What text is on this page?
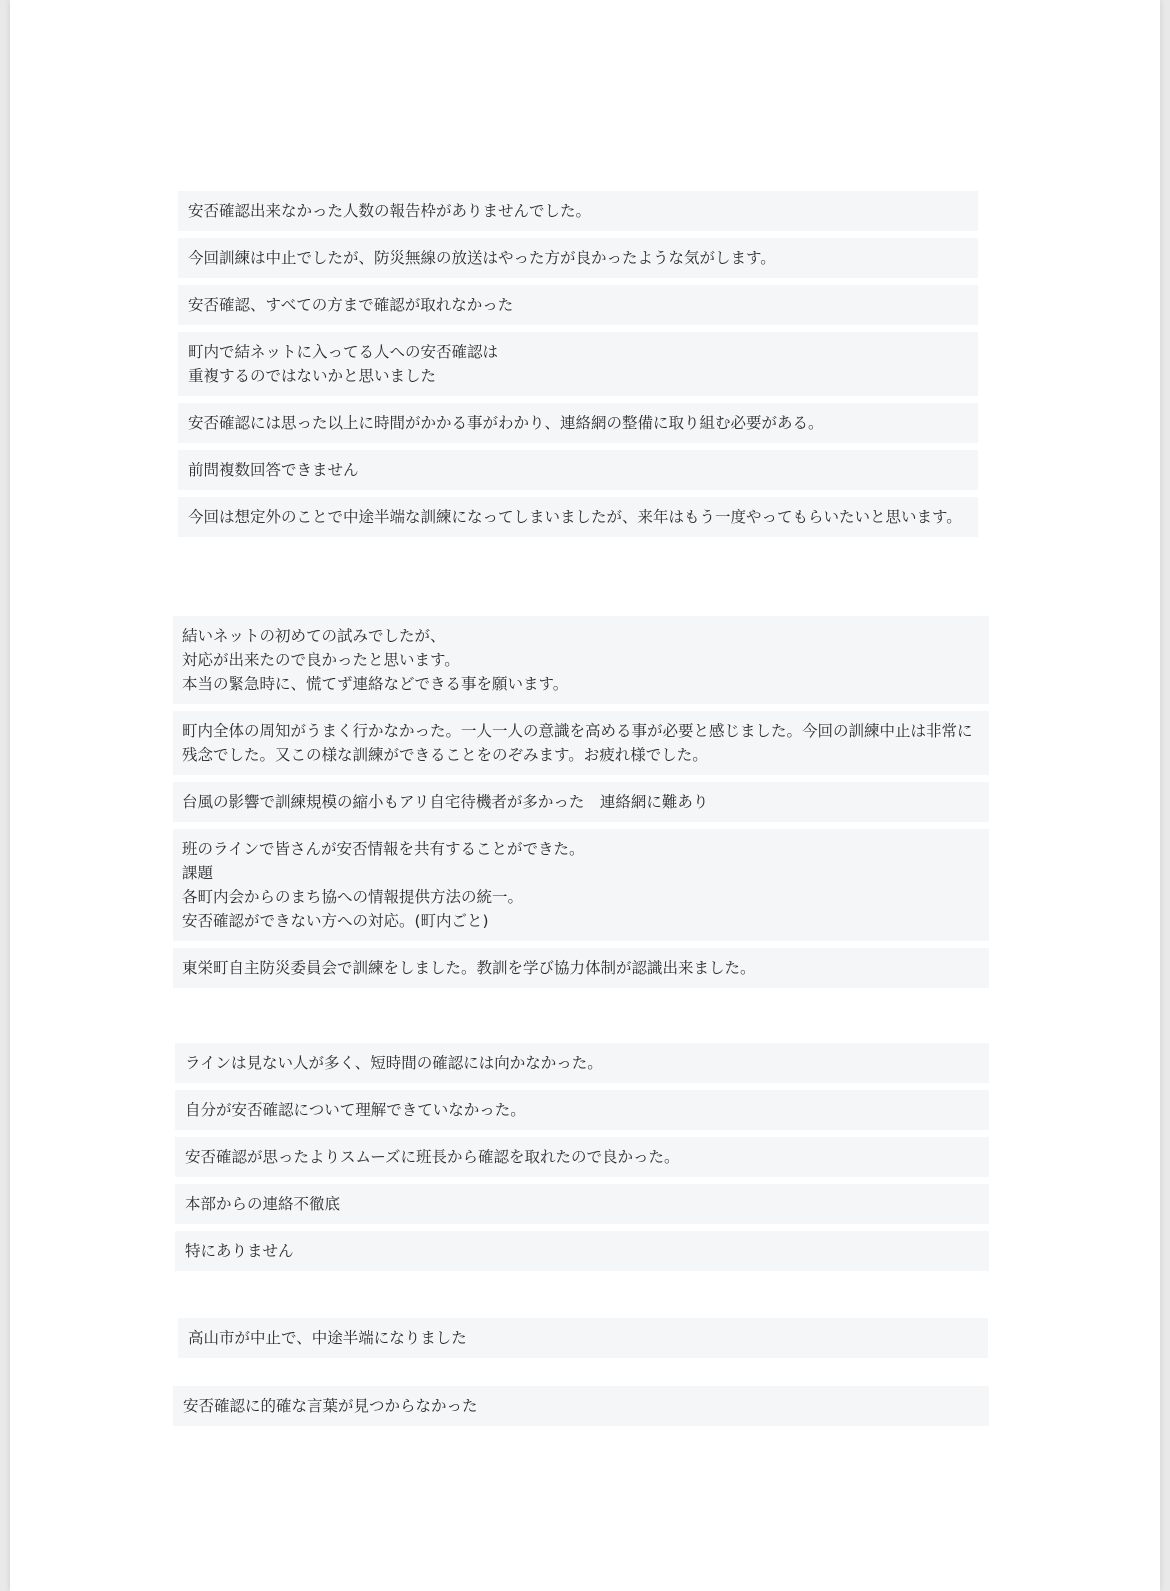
安否確認出来なかった人数の報告枠がありませんでした。
今回訓練は中止でしたが、防災無線の放送はやった方が良かったような気がします。
安否確認、すべての方まで確認が取れなかった
町内で結ネットに入ってる人への安否確認は
重複するのではないかと思いました
安否確認には思った以上に時間がかかる事がわかり、連絡網の整備に取り組む必要がある。
前問複数回答できません
今回は想定外のことで中途半端な訓練になってしまいましたが、来年はもう一度やってもらいたいと思います。
結いネットの初めての試みでしたが、
対応が出来たので良かったと思います。
本当の緊急時に、慌てず連絡などできる事を願います。
町内全体の周知がうまく行かなかった。一人一人の意識を高める事が必要と感じました。今回の訓練中止は非常に残念でした。又この様な訓練ができることをのぞみます。お疲れ様でした。
台風の影響で訓練規模の縮小もアリ自宅待機者が多かった　連絡網に難あり
班のラインで皆さんが安否情報を共有することができた。
課題
各町内会からのまち協への情報提供方法の統一。
安否確認ができない方への対応。(町内ごと)
東栄町自主防災委員会で訓練をしました。教訓を学び協力体制が認識出来ました。
ラインは見ない人が多く、短時間の確認には向かなかった。
自分が安否確認について理解できていなかった。
安否確認が思ったよりスムーズに班長から確認を取れたので良かった。
本部からの連絡不徹底
特にありません
高山市が中止で、中途半端になりました
安否確認に的確な言葉が見つからなかった
